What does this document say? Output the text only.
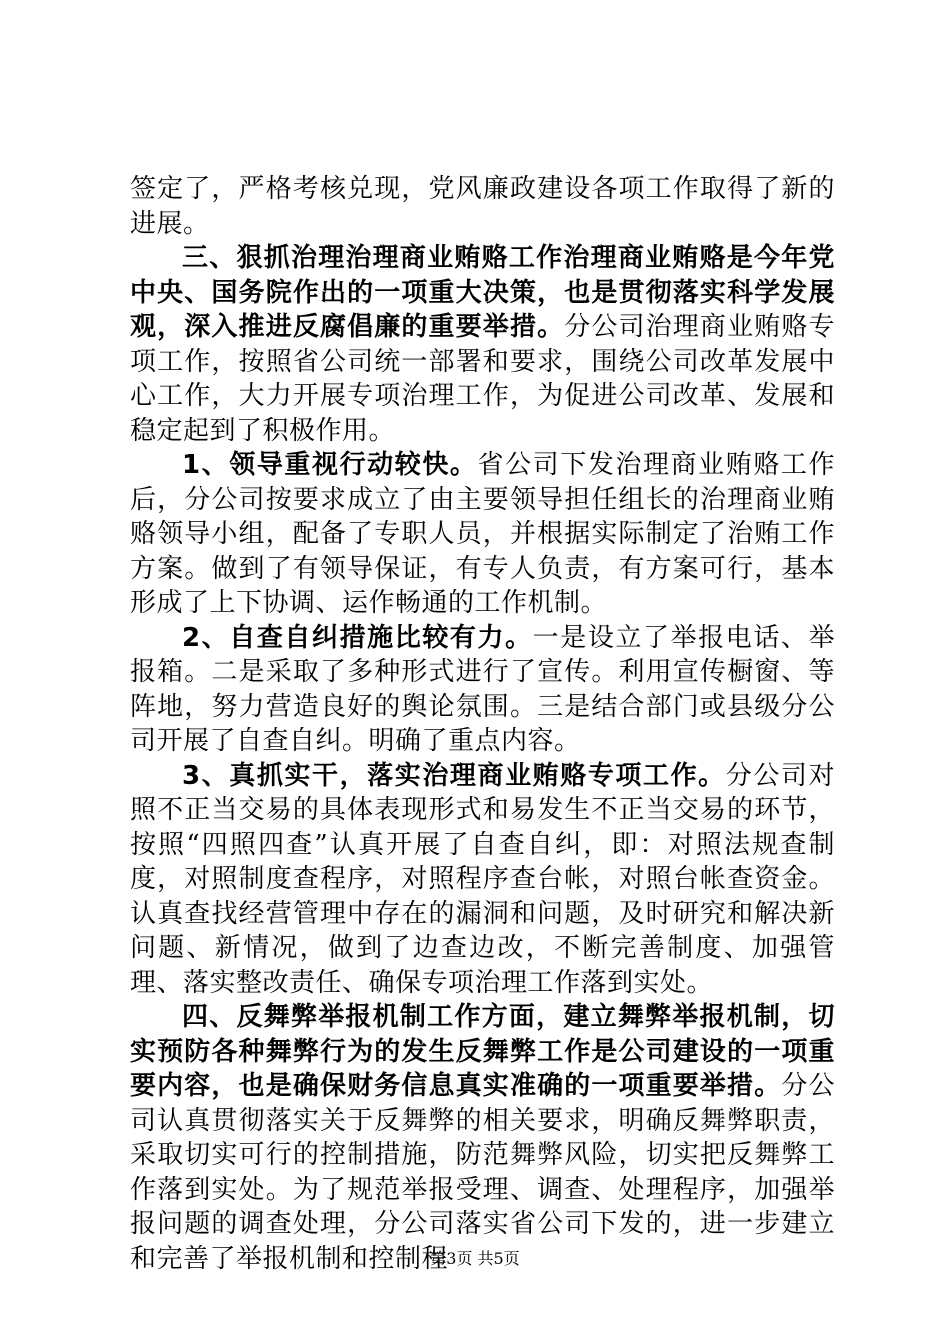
签定了，严格考核兑现，党风廉政建设各项工作取得了新的进展。

三、狠抓治理治理商业贿赂工作治理商业贿赂是今年党中央、国务院作出的一项重大决策，也是贯彻落实科学发展观，深入推进反腐倡廉的重要举措。分公司治理商业贿赂专项工作，按照省公司统一部署和要求，围绕公司改革发展中心工作，大力开展专项治理工作，为促进公司改革、发展和稳定起到了积极作用。

1、领导重视行动较快。省公司下发治理商业贿赂工作后，分公司按要求成立了由主要领导担任组长的治理商业贿赂领导小组，配备了专职人员，并根据实际制定了治贿工作方案。做到了有领导保证，有专人负责，有方案可行，基本形成了上下协调、运作畅通的工作机制。

2、自查自纠措施比较有力。一是设立了举报电话、举报箱。二是采取了多种形式进行了宣传。利用宣传橱窗、等阵地，努力营造良好的舆论氛围。三是结合部门或县级分公司开展了自查自纠。明确了重点内容。

3、真抓实干，落实治理商业贿赂专项工作。分公司对照不正当交易的具体表现形式和易发生不正当交易的环节，按照“四照四查”认真开展了自查自纠，即：对照法规查制度，对照制度查程序，对照程序查台帐，对照台帐查资金。认真查找经营管理中存在的漏洞和问题，及时研究和解决新问题、新情况，做到了边查边改，不断完善制度、加强管理、落实整改责任、确保专项治理工作落到实处。

四、反舞弊举报机制工作方面，建立舞弊举报机制，切实预防各种舞弊行为的发生反舞弊工作是公司建设的一项重要内容，也是确保财务信息真实准确的一项重要举措。分公司认真贯彻落实关于反舞弊的相关要求，明确反舞弊职责，采取切实可行的控制措施，防范舞弊风险，切实把反舞弊工作落到实处。为了规范举报受理、调查、处理程序，加强举报问题的调查处理，分公司落实省公司下发的，进一步建立和完善了举报机制和控制程

第3页 共5页
